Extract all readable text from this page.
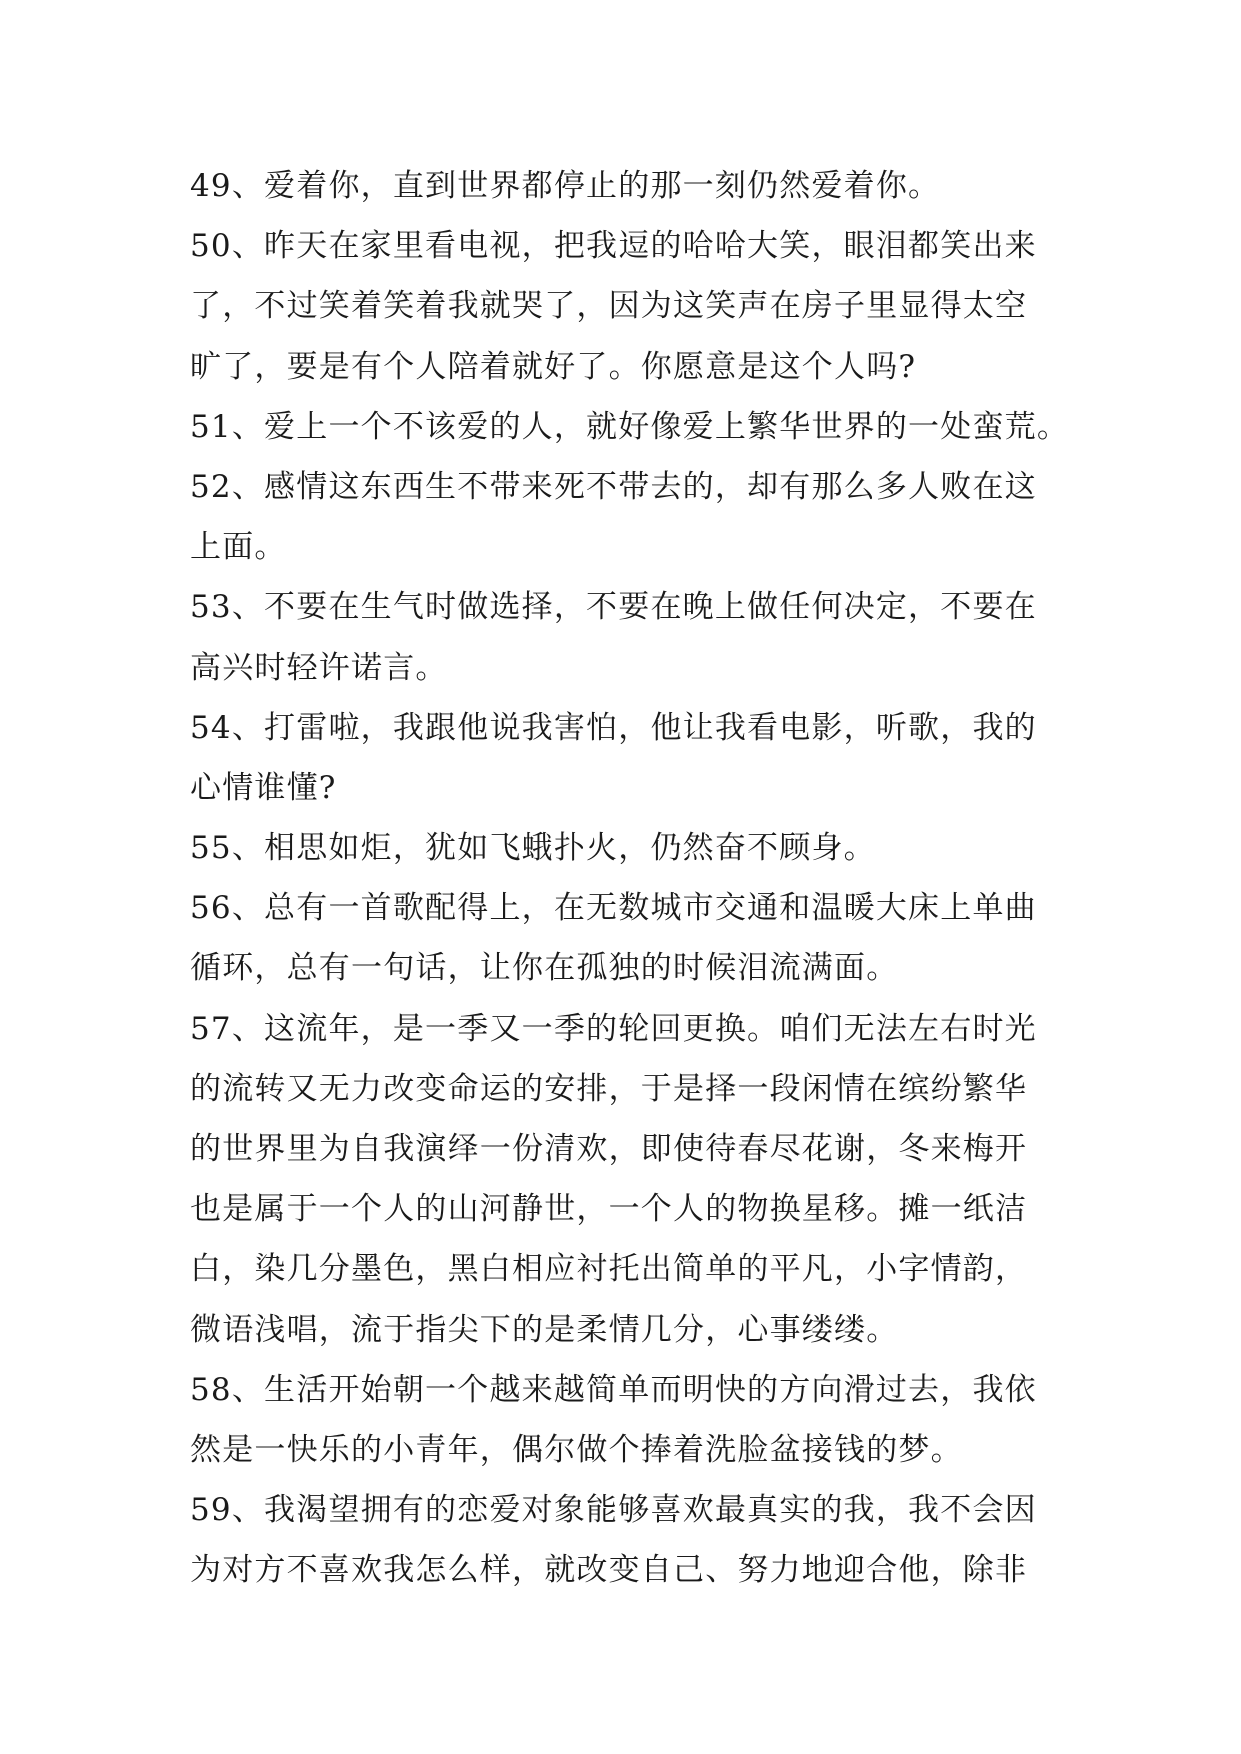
49、爱着你，直到世界都停止的那一刻仍然爱着你。
50、昨天在家里看电视，把我逗的哈哈大笑，眼泪都笑出来
了，不过笑着笑着我就哭了，因为这笑声在房子里显得太空
旷了，要是有个人陪着就好了。你愿意是这个人吗?
51、爱上一个不该爱的人，就好像爱上繁华世界的一处蛮荒。
52、感情这东西生不带来死不带去的，却有那么多人败在这
上面。
53、不要在生气时做选择，不要在晚上做任何决定，不要在
高兴时轻许诺言。
54、打雷啦，我跟他说我害怕，他让我看电影，听歌，我的
心情谁懂?
55、相思如炬，犹如飞蛾扑火，仍然奋不顾身。
56、总有一首歌配得上，在无数城市交通和温暖大床上单曲
循环，总有一句话，让你在孤独的时候泪流满面。
57、这流年，是一季又一季的轮回更换。咱们无法左右时光
的流转又无力改变命运的安排，于是择一段闲情在缤纷繁华
的世界里为自我演绎一份清欢，即使待春尽花谢，冬来梅开
也是属于一个人的山河静世，一个人的物换星移。摊一纸洁
白，染几分墨色，黑白相应衬托出简单的平凡，小字情韵，
微语浅唱，流于指尖下的是柔情几分，心事缕缕。
58、生活开始朝一个越来越简单而明快的方向滑过去，我依
然是一快乐的小青年，偶尔做个捧着洗脸盆接钱的梦。
59、我渴望拥有的恋爱对象能够喜欢最真实的我，我不会因
为对方不喜欢我怎么样，就改变自己、努力地迎合他，除非
